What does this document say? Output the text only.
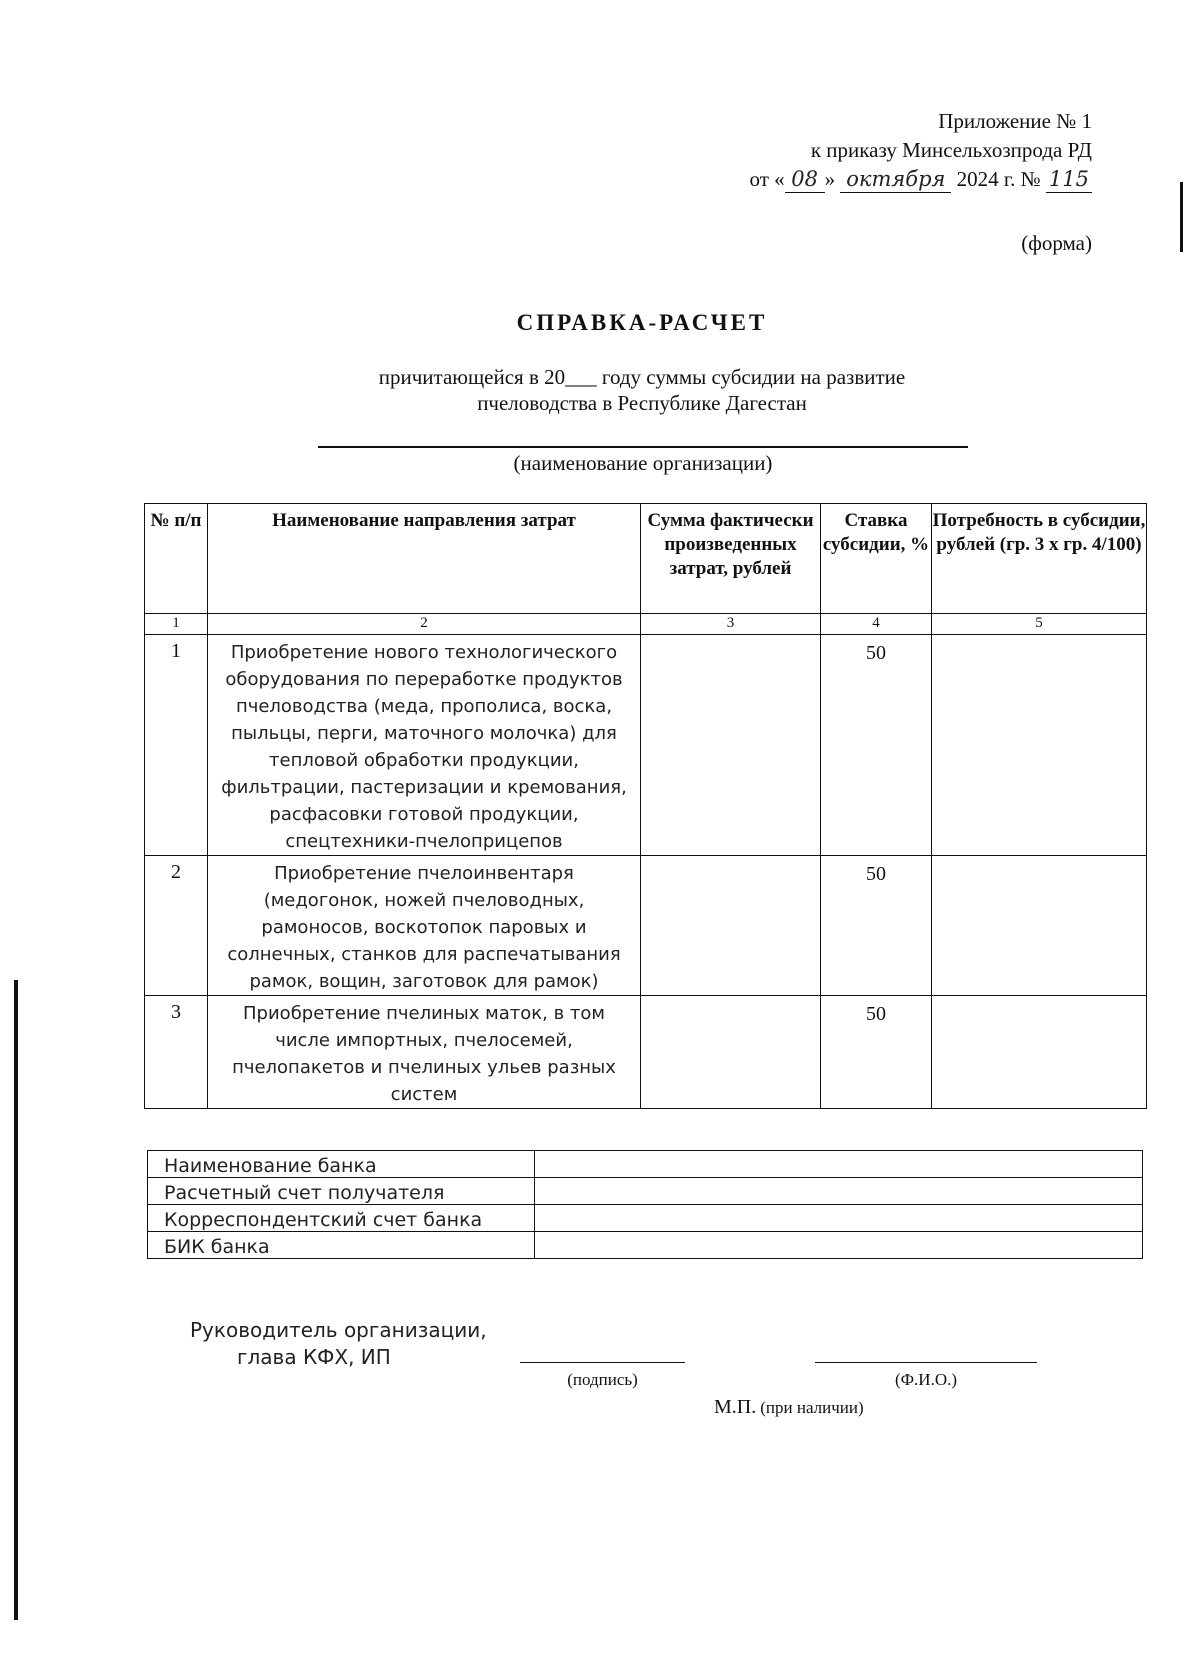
Приложение № 1
к приказу Минсельхозпрода РД
от « 08 » октября 2024 г. № 115
(форма)
СПРАВКА-РАСЧЕТ
причитающейся в 20___ году суммы субсидии на развитие
пчеловодства в Республике Дагестан
(наименование организации)
№ п/п	Наименование направления затрат	Сумма фактически произведенных затрат, рублей	Ставка субсидии, %	Потребность в субсидии, рублей (гр. 3 х гр. 4/100)
1	2	3	4	5
1	Приобретение нового технологического оборудования по переработке продуктов пчеловодства (меда, прополиса, воска, пыльцы, перги, маточного молочка) для тепловой обработки продукции, фильтрации, пастеризации и кремования, расфасовки готовой продукции, спецтехники-пчелоприцепов		50	
2	Приобретение пчелоинвентаря (медогонок, ножей пчеловодных, рамоносов, воскотопок паровых и солнечных, станков для распечатывания рамок, вощин, заготовок для рамок)		50	
3	Приобретение пчелиных маток, в том числе импортных, пчелосемей, пчелопакетов и пчелиных ульев разных систем		50	
Наименование банка	
Расчетный счет получателя	
Корреспондентский счет банка	
БИК банка	
Руководитель организации,
глава КФХ, ИП
(подпись)	(Ф.И.О.)
М.П. (при наличии)
